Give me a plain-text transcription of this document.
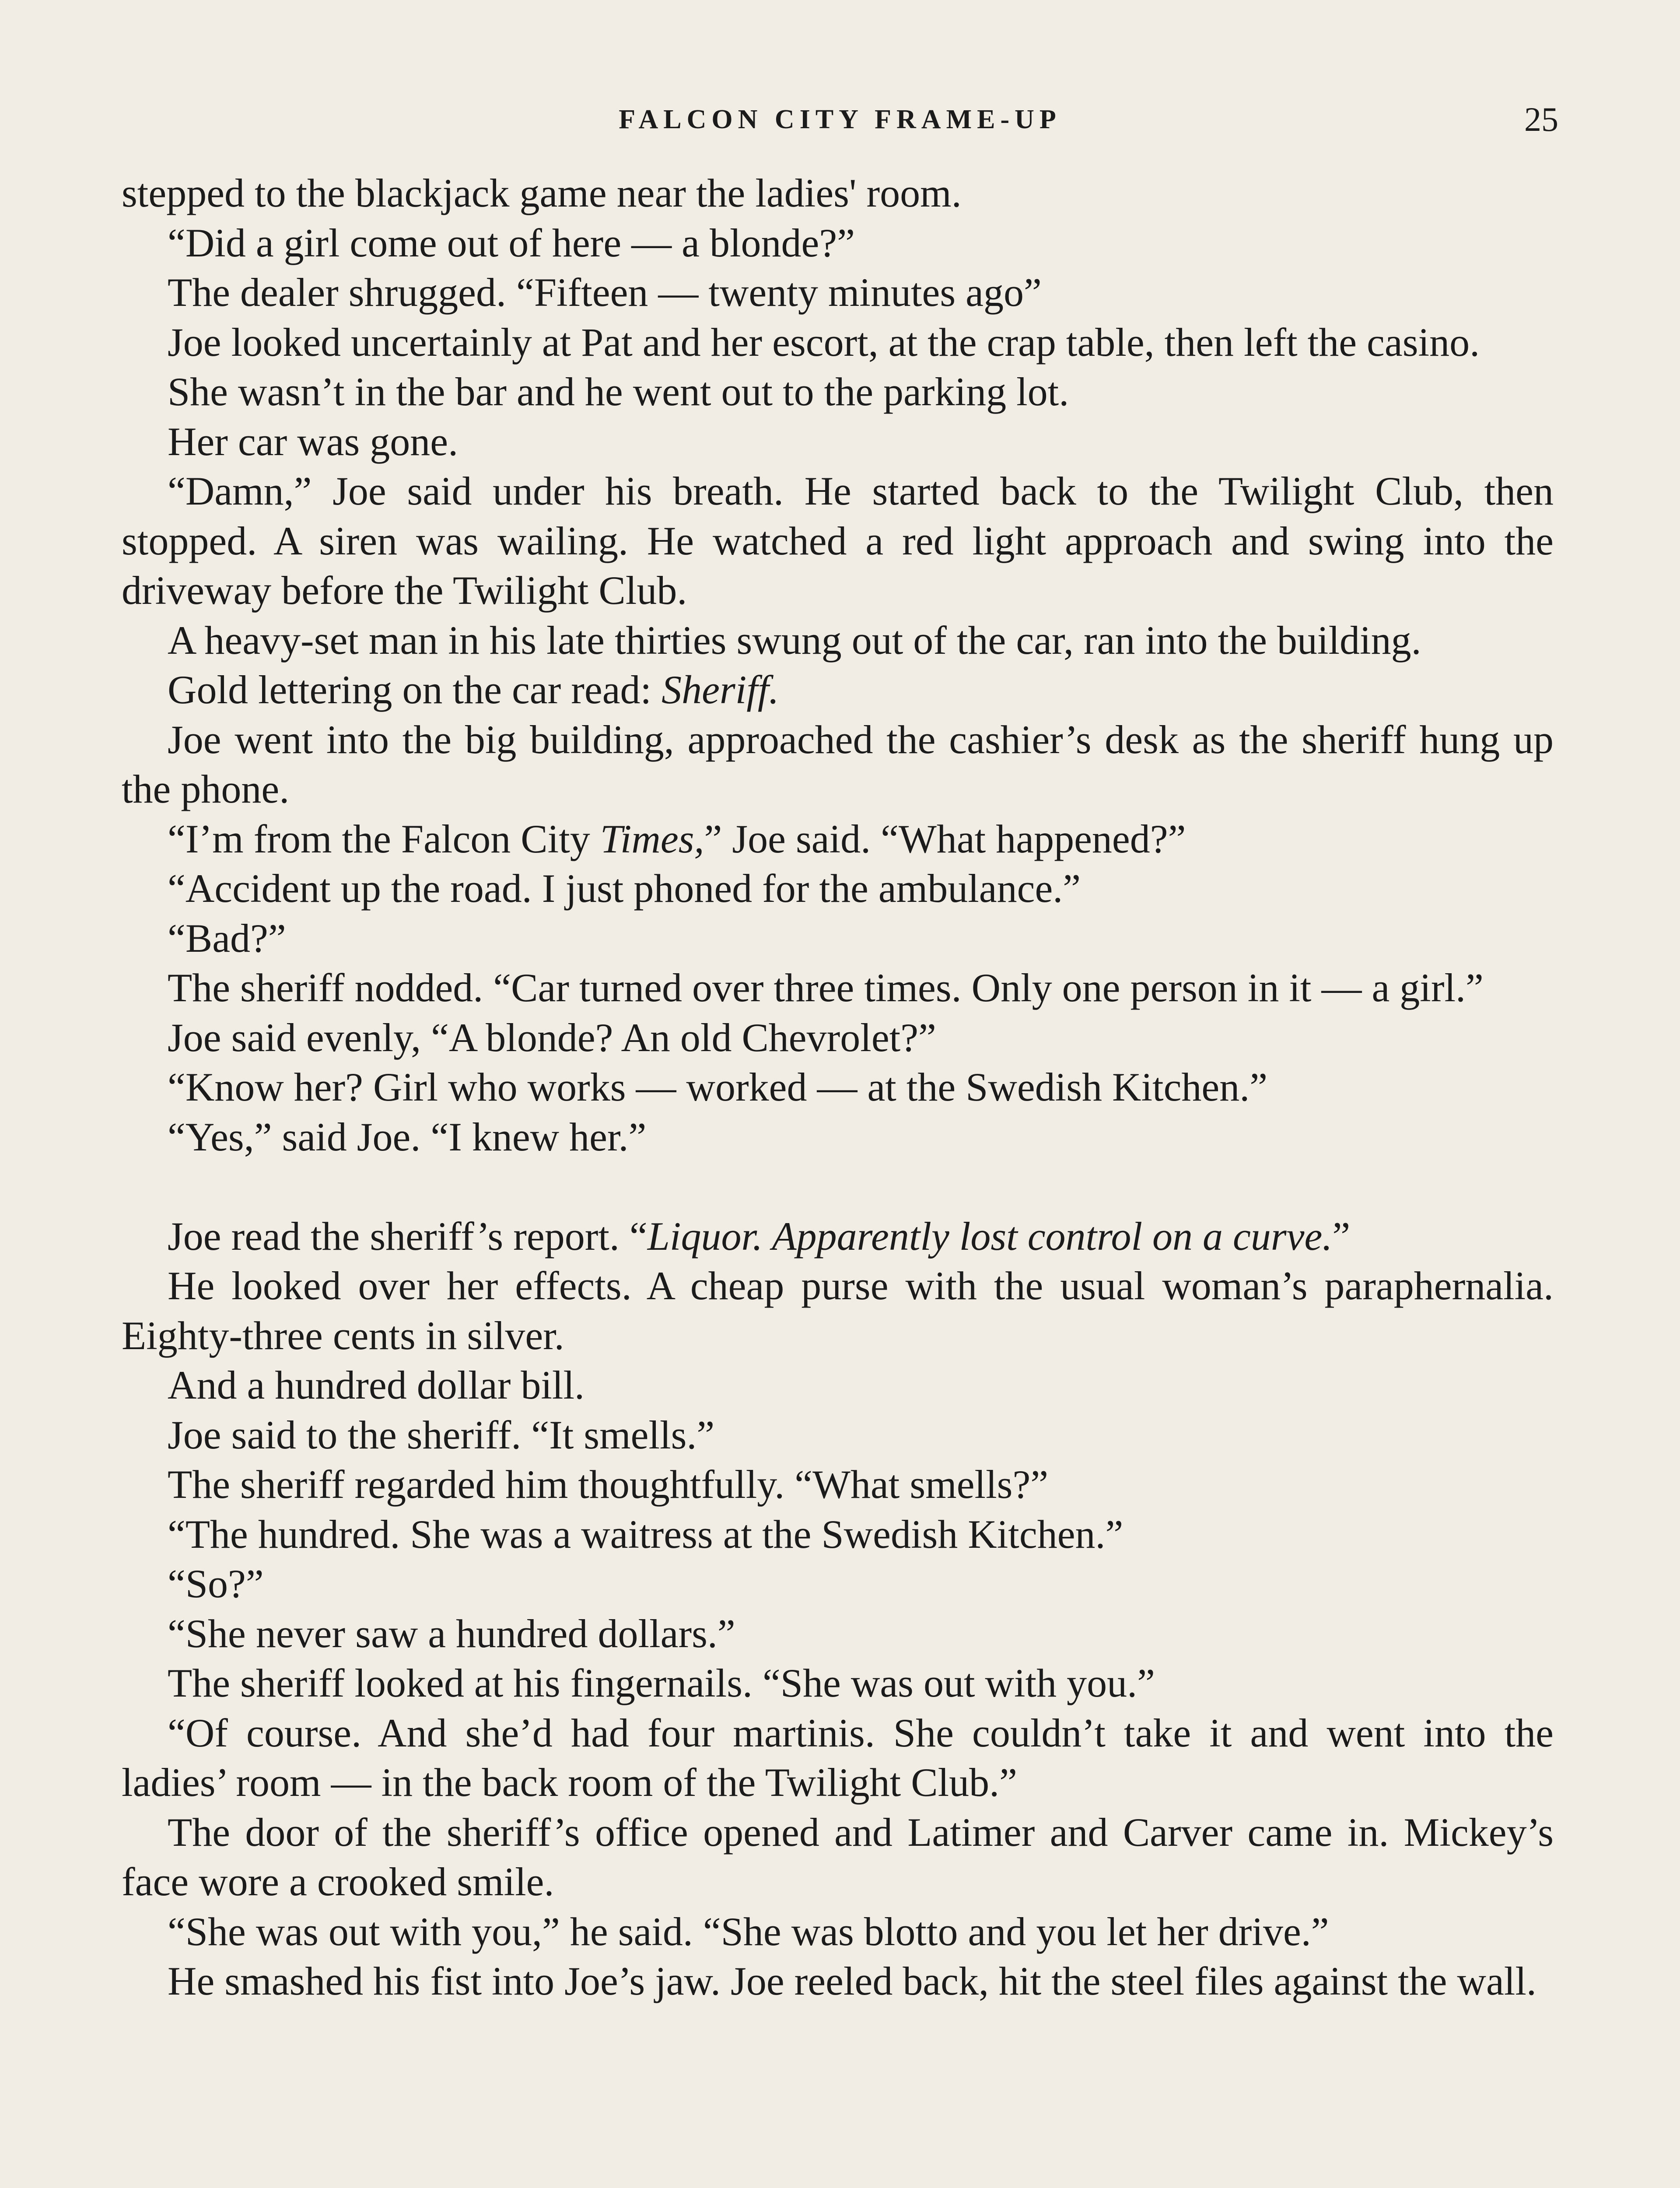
FALCON CITY FRAME-UP	25

stepped to the blackjack game near the ladies' room.

“Did a girl come out of here — a blonde?”

The dealer shrugged. “Fifteen — twenty minutes ago”

Joe looked uncertainly at Pat and her escort, at the crap table, then left the casino.

She wasn’t in the bar and he went out to the parking lot.

Her car was gone.

“Damn,” Joe said under his breath. He started back to the Twilight Club, then stopped. A siren was wailing. He watched a red light approach and swing into the driveway before the Twilight Club.

A heavy-set man in his late thirties swung out of the car, ran into the building.

Gold lettering on the car read: Sheriff.

Joe went into the big building, approached the cashier’s desk as the sheriff hung up the phone.

“I’m from the Falcon City Times,” Joe said. “What happened?”

“Accident up the road. I just phoned for the ambulance.”

“Bad?”

The sheriff nodded. “Car turned over three times. Only one person in it — a girl.”

Joe said evenly, “A blonde? An old Chevrolet?”

“Know her? Girl who works — worked — at the Swedish Kitchen.”

“Yes,” said Joe. “I knew her.”

Joe read the sheriff’s report. “Liquor. Apparently lost control on a curve.”

He looked over her effects. A cheap purse with the usual woman’s paraphernalia. Eighty-three cents in silver.

And a hundred dollar bill.

Joe said to the sheriff. “It smells.”

The sheriff regarded him thoughtfully. “What smells?”

“The hundred. She was a waitress at the Swedish Kitchen.”

“So?”

“She never saw a hundred dollars.”

The sheriff looked at his fingernails. “She was out with you.”

“Of course. And she’d had four martinis. She couldn’t take it and went into the ladies’ room — in the back room of the Twilight Club.”

The door of the sheriff’s office opened and Latimer and Carver came in. Mickey’s face wore a crooked smile.

“She was out with you,” he said. “She was blotto and you let her drive.”

He smashed his fist into Joe’s jaw. Joe reeled back, hit the steel files against the wall.
